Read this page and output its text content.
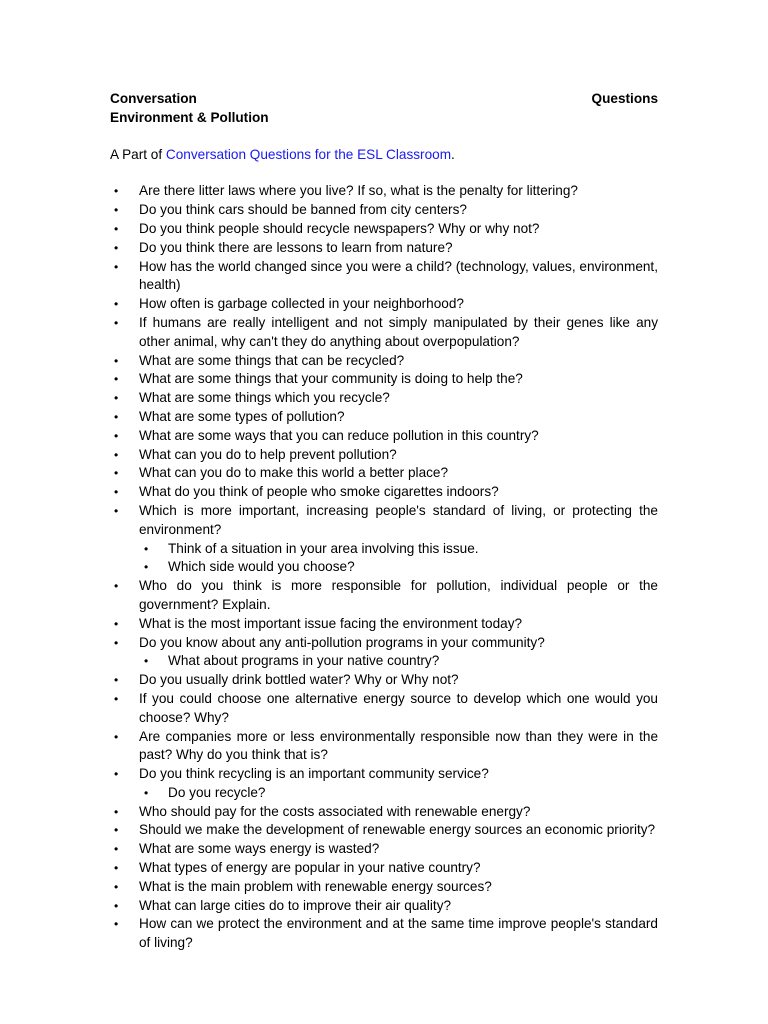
Conversation	Questions
Environment & Pollution
A Part of Conversation Questions for the ESL Classroom.
• Are there litter laws where you live? If so, what is the penalty for littering?
• Do you think cars should be banned from city centers?
• Do you think people should recycle newspapers? Why or why not?
• Do you think there are lessons to learn from nature?
• How has the world changed since you were a child? (technology, values, environment, health)
• How often is garbage collected in your neighborhood?
• If humans are really intelligent and not simply manipulated by their genes like any other animal, why can't they do anything about overpopulation?
• What are some things that can be recycled?
• What are some things that your community is doing to help the?
• What are some things which you recycle?
• What are some types of pollution?
• What are some ways that you can reduce pollution in this country?
• What can you do to help prevent pollution?
• What can you do to make this world a better place?
• What do you think of people who smoke cigarettes indoors?
• Which is more important, increasing people's standard of living, or protecting the environment?
• Think of a situation in your area involving this issue.
• Which side would you choose?
• Who do you think is more responsible for pollution, individual people or the government? Explain.
• What is the most important issue facing the environment today?
• Do you know about any anti-pollution programs in your community?
• What about programs in your native country?
• Do you usually drink bottled water? Why or Why not?
• If you could choose one alternative energy source to develop which one would you choose? Why?
• Are companies more or less environmentally responsible now than they were in the past? Why do you think that is?
• Do you think recycling is an important community service?
• Do you recycle?
• Who should pay for the costs associated with renewable energy?
• Should we make the development of renewable energy sources an economic priority?
• What are some ways energy is wasted?
• What types of energy are popular in your native country?
• What is the main problem with renewable energy sources?
• What can large cities do to improve their air quality?
• How can we protect the environment and at the same time improve people's standard of living?
